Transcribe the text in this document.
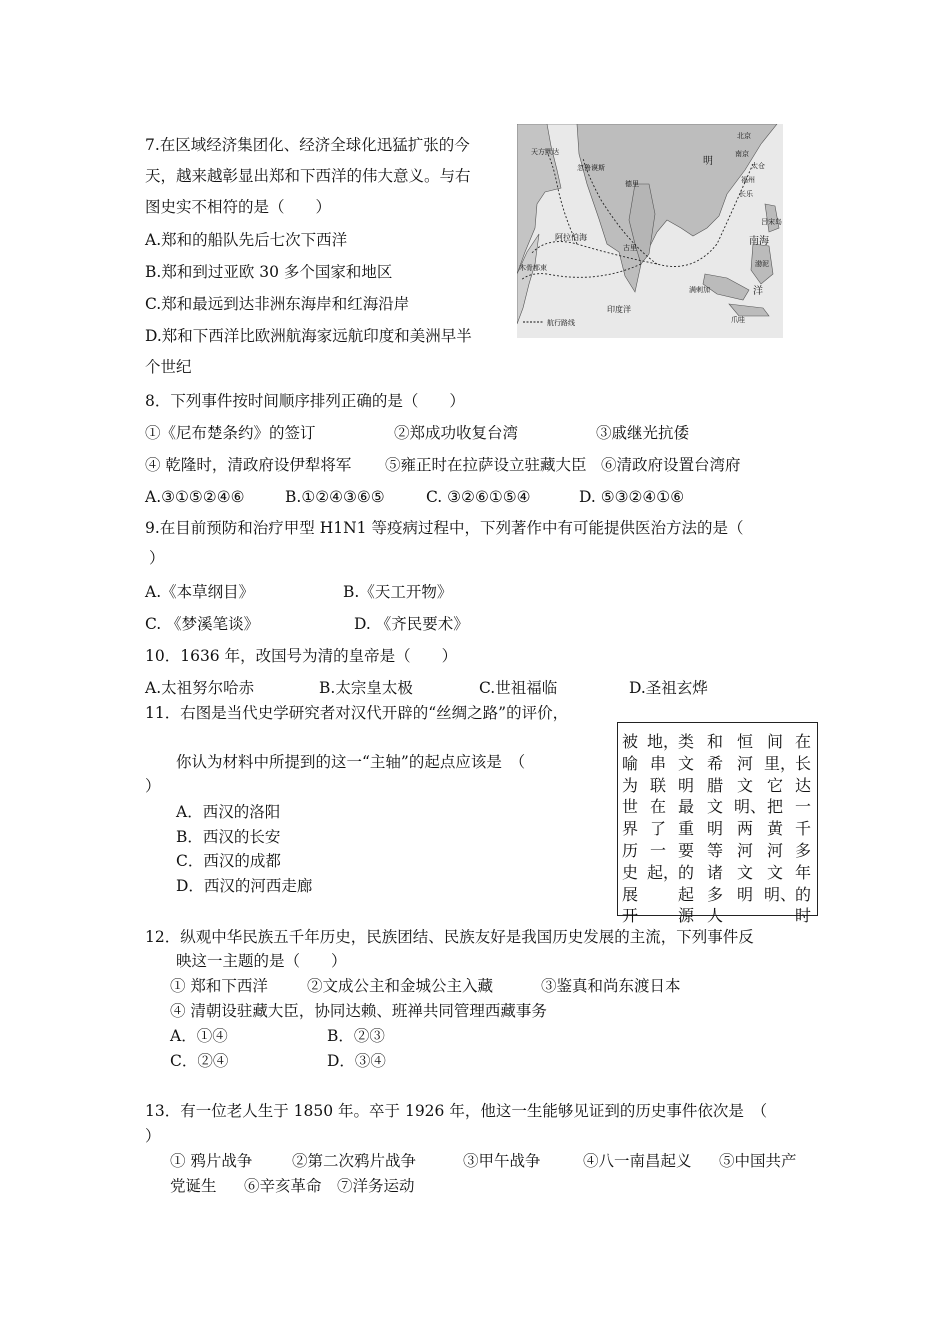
7.在区域经济集团化、经济全球化迅猛扩张的今
天，越来越彰显出郑和下西洋的伟大意义。与右
图史实不相符的是（　　）
A.郑和的船队先后七次下西洋
B.郑和到过亚欧 30 多个国家和地区
C.郑和最远到达非洲东海岸和红海沿岸
D.郑和下西洋比欧洲航海家远航印度和美洲早半
个世纪
北京
南京
太仓
福州
长乐
明
天方默达
忽鲁谟斯
德里
古里
阿拉伯海
印度洋
南海
洋
吕宋岛
渤泥
木骨都束
满剌加
爪哇
航行路线
8．下列事件按时间顺序排列正确的是（　　）
①《尼布楚条约》的签订	②郑成功收复台湾	③戚继光抗倭
④ 乾隆时，清政府设伊犁将军 ⑤雍正时在拉萨设立驻藏大臣 ⑥清政府设置台湾府
A.③①⑤②④⑥	B.①②④③⑥⑤	C. ③②⑥①⑤④	D. ⑤③②④①⑥
9.在目前预防和治疗甲型 H1N1 等疫病过程中，下列著作中有可能提供医治方法的是（
）
A.《本草纲目》	B.《天工开物》
C. 《梦溪笔谈》	D. 《齐民要术》
10．1636 年，改国号为清的皇帝是（　　）
A.太祖努尔哈赤	B.太宗皇太极	C.世祖福临	D.圣祖玄烨
11．右图是当代史学研究者对汉代开辟的“丝绸之路”的评价，
你认为材料中所提到的这一“主轴”的起点应该是　（
）
A．西汉的洛阳
B．西汉的长安
C．西汉的成都
D．西汉的河西走廊
在长达一千多年的时
间里，它把黄河文明、
恒河文明、两河文明
和希腊文明等诸多人
类文明最重要的起源
地，串联在了一起，
被喻为世界历史展开
12．纵观中华民族五千年历史，民族团结、民族友好是我国历史发展的主流，下列事件反
映这一主题的是（　　）
① 郑和下西洋	②文成公主和金城公主入藏	③鉴真和尚东渡日本
④ 清朝设驻藏大臣，协同达赖、班禅共同管理西藏事务
A．①④	B．②③
C．②④	D．③④
13．有一位老人生于 1850 年。卒于 1926 年，他这一生能够见证到的历史事件依次是　（
）
① 鸦片战争	②第二次鸦片战争	③甲午战争	④八一南昌起义 ⑤中国共产
党诞生 ⑥辛亥革命 ⑦洋务运动
